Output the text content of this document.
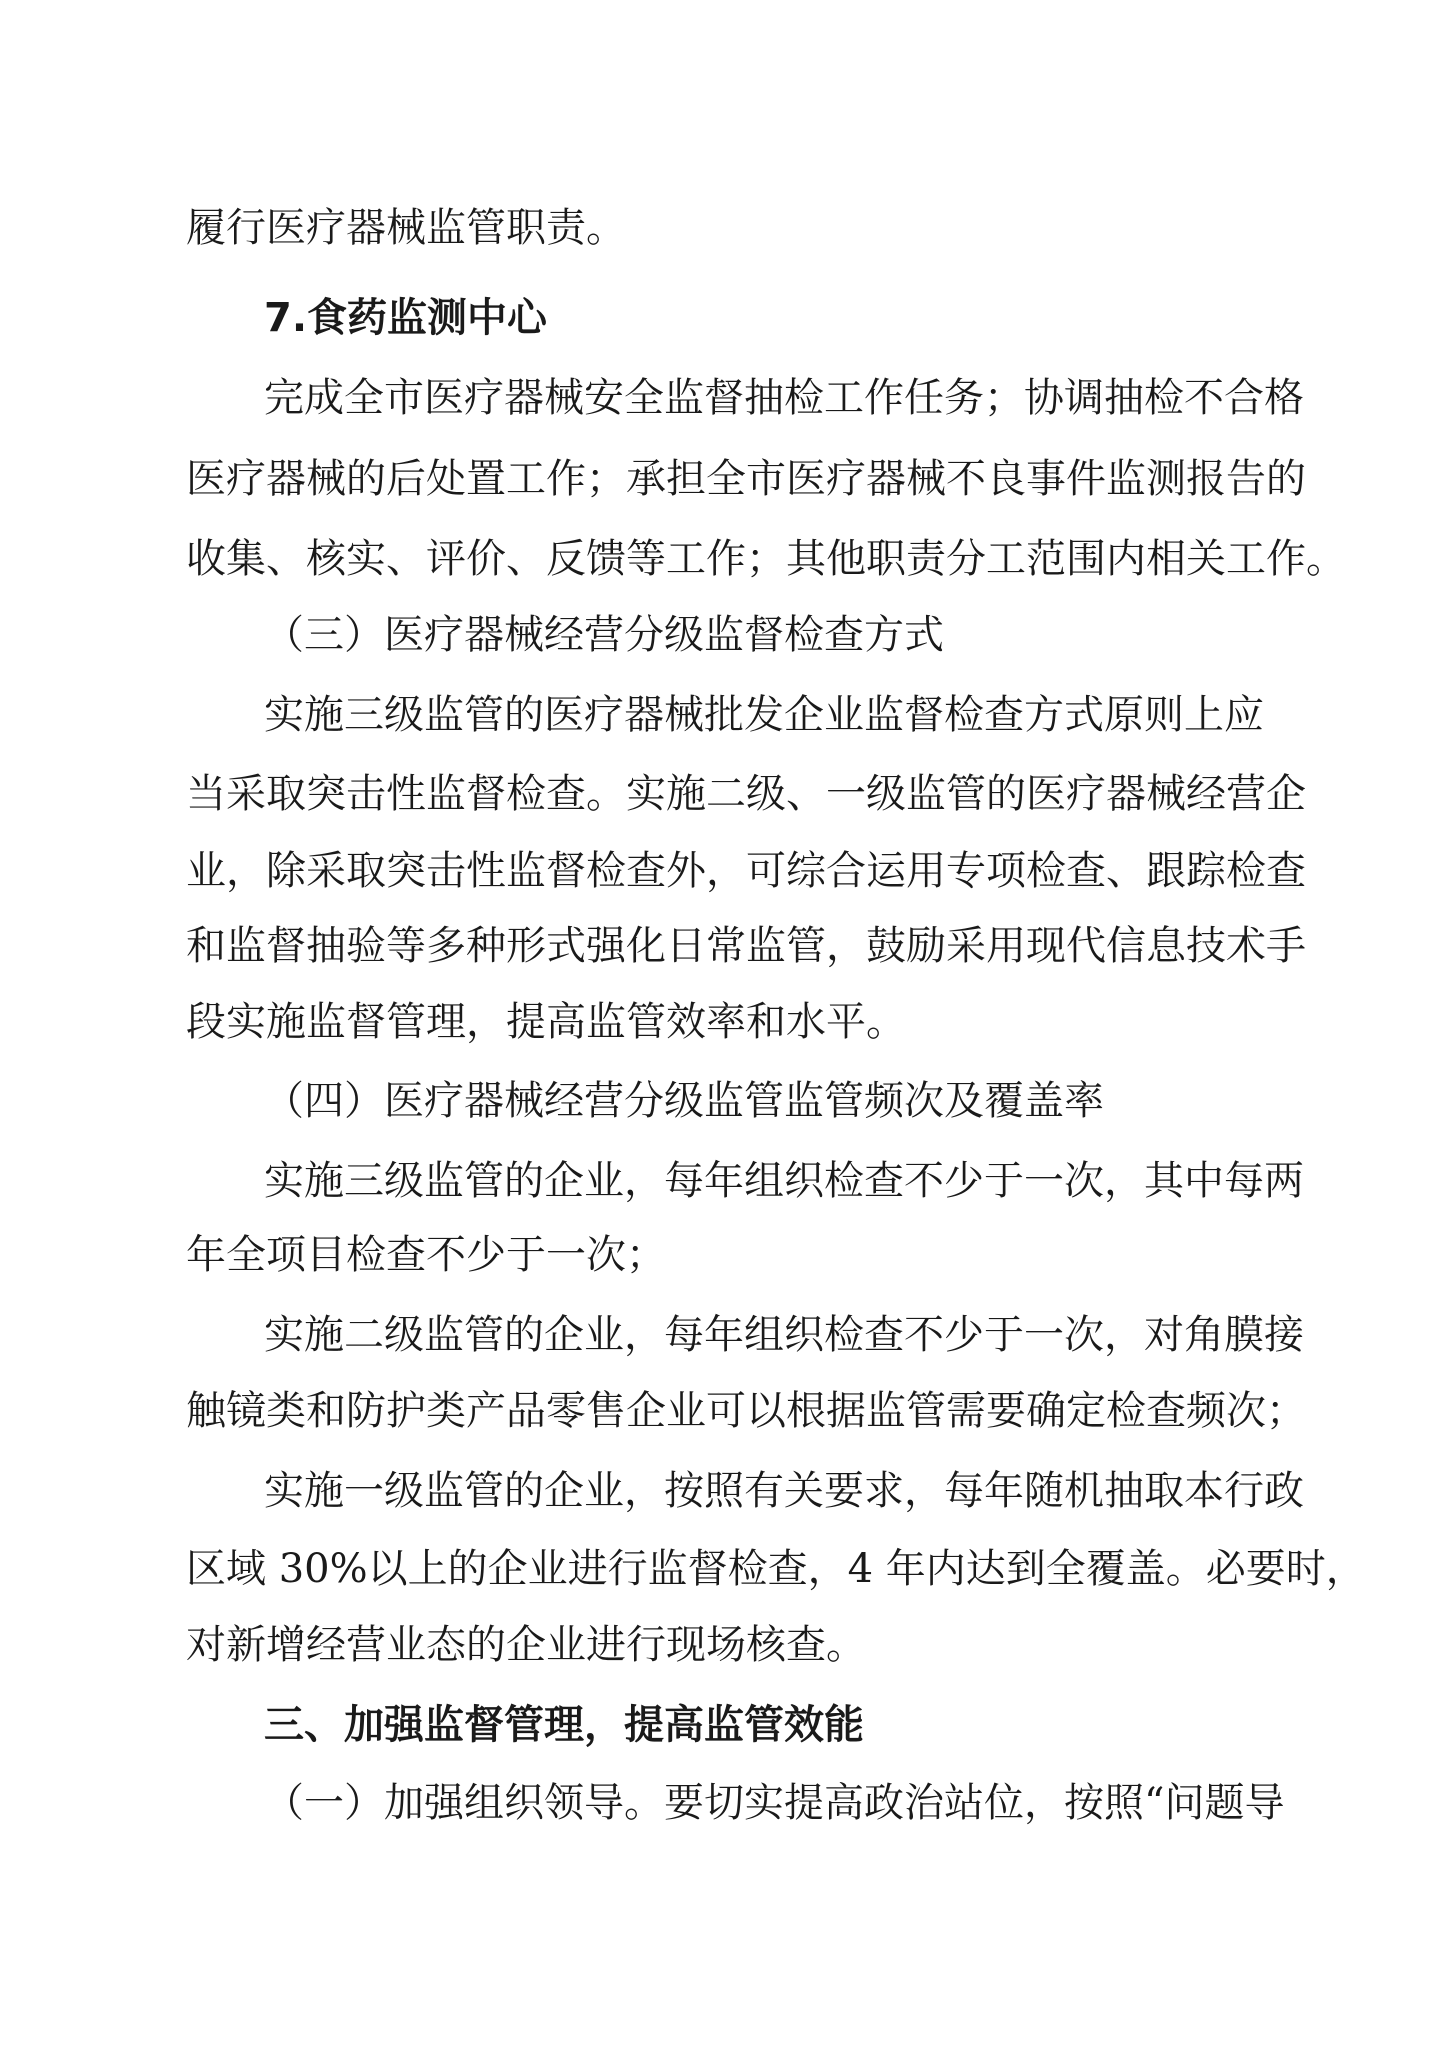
履行医疗器械监管职责。

7.食药监测中心

完成全市医疗器械安全监督抽检工作任务；协调抽检不合格

医疗器械的后处置工作；承担全市医疗器械不良事件监测报告的

收集、核实、评价、反馈等工作；其他职责分工范围内相关工作。

（三）医疗器械经营分级监督检查方式

实施三级监管的医疗器械批发企业监督检查方式原则上应

当采取突击性监督检查。实施二级、一级监管的医疗器械经营企

业，除采取突击性监督检查外，可综合运用专项检查、跟踪检查

和监督抽验等多种形式强化日常监管，鼓励采用现代信息技术手

段实施监督管理，提高监管效率和水平。

（四）医疗器械经营分级监管监管频次及覆盖率

实施三级监管的企业，每年组织检查不少于一次，其中每两

年全项目检查不少于一次；

实施二级监管的企业，每年组织检查不少于一次，对角膜接

触镜类和防护类产品零售企业可以根据监管需要确定检查频次；

实施一级监管的企业，按照有关要求，每年随机抽取本行政

区域 30%以上的企业进行监督检查，4 年内达到全覆盖。必要时，

对新增经营业态的企业进行现场核查。

三、加强监督管理，提高监管效能

（一）加强组织领导。要切实提高政治站位，按照“问题导
